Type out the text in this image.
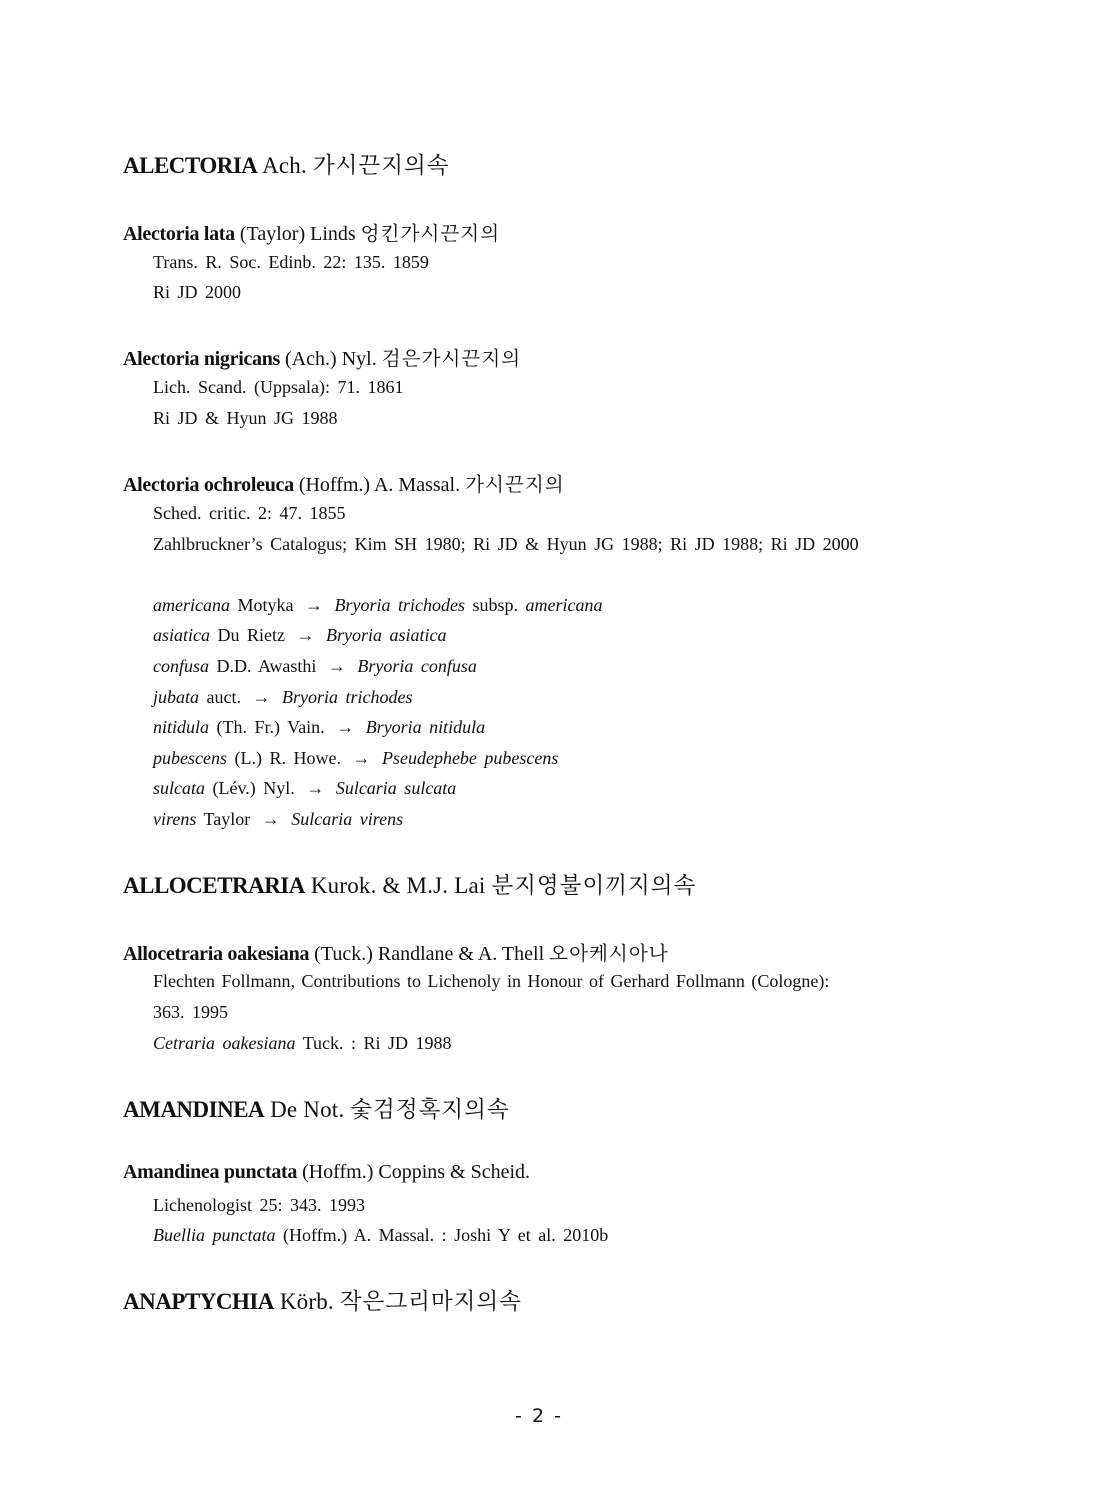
ALECTORIA Ach. 가시끈지의속
Alectoria lata (Taylor) Linds 엉킨가시끈지의
Trans. R. Soc. Edinb. 22: 135. 1859
Ri JD 2000
Alectoria nigricans (Ach.) Nyl. 검은가시끈지의
Lich. Scand. (Uppsala): 71. 1861
Ri JD & Hyun JG 1988
Alectoria ochroleuca (Hoffm.) A. Massal. 가시끈지의
Sched. critic. 2: 47. 1855
Zahlbruckner’s Catalogus; Kim SH 1980; Ri JD & Hyun JG 1988; Ri JD 1988; Ri JD 2000
americana Motyka → Bryoria trichodes subsp. americana
asiatica Du Rietz → Bryoria asiatica
confusa D.D. Awasthi → Bryoria confusa
jubata auct. → Bryoria trichodes
nitidula (Th. Fr.) Vain. → Bryoria nitidula
pubescens (L.) R. Howe. → Pseudephebe pubescens
sulcata (Lév.) Nyl. → Sulcaria sulcata
virens Taylor → Sulcaria virens
ALLOCETRARIA Kurok. & M.J. Lai 분지영불이끼지의속
Allocetraria oakesiana (Tuck.) Randlane & A. Thell 오아케시아나
Flechten Follmann, Contributions to Lichenoly in Honour of Gerhard Follmann (Cologne):
363. 1995
Cetraria oakesiana Tuck. : Ri JD 1988
AMANDINEA De Not. 숯검정혹지의속
Amandinea punctata (Hoffm.) Coppins & Scheid.
Lichenologist 25: 343. 1993
Buellia punctata (Hoffm.) A. Massal. : Joshi Y et al. 2010b
ANAPTYCHIA Körb. 작은그리마지의속
- 2 -
